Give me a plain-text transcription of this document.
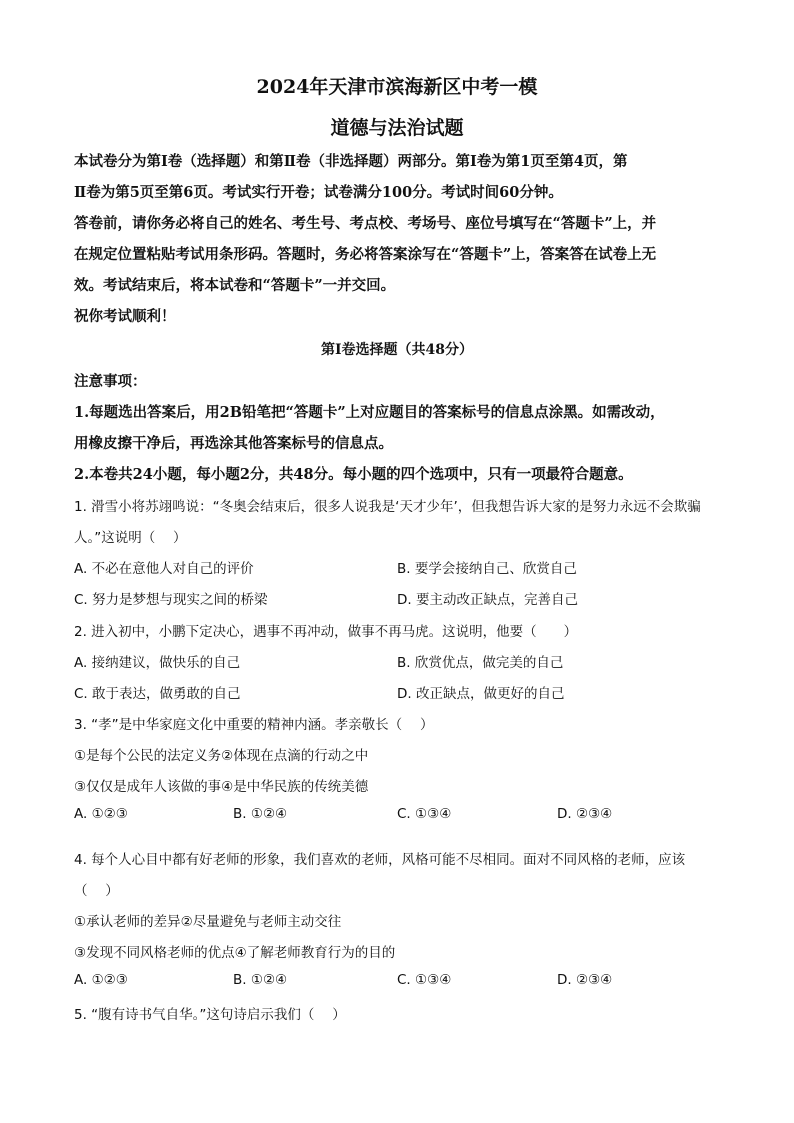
2024年天津市滨海新区中考一模
道德与法治试题
本试卷分为第Ⅰ卷（选择题）和第Ⅱ卷（非选择题）两部分。第Ⅰ卷为第1页至第4页，第
Ⅱ卷为第5页至第6页。考试实行开卷；试卷满分100分。考试时间60分钟。
答卷前，请你务必将自己的姓名、考生号、考点校、考场号、座位号填写在“答题卡”上，并
在规定位置粘贴考试用条形码。答题时，务必将答案涂写在“答题卡”上，答案答在试卷上无
效。考试结束后，将本试卷和“答题卡”一并交回。
祝你考试顺利！
第Ⅰ卷选择题（共48分）
注意事项：
1.每题选出答案后，用2B铅笔把“答题卡”上对应题目的答案标号的信息点涂黑。如需改动，
用橡皮擦干净后，再选涂其他答案标号的信息点。
2.本卷共24小题，每小题2分，共48分。每小题的四个选项中，只有一项最符合题意。
1. 滑雪小将苏翊鸣说：“冬奥会结束后，很多人说我是‘天才少年’，但我想告诉大家的是努力永远不会欺骗
人。”这说明（　 ）
A. 不必在意他人对自己的评价	B. 要学会接纳自己、欣赏自己
C. 努力是梦想与现实之间的桥梁	D. 要主动改正缺点，完善自己
2. 进入初中，小鹏下定决心，遇事不再冲动，做事不再马虎。这说明，他要（　　）
A. 接纳建议，做快乐的自己	B. 欣赏优点，做完美的自己
C. 敢于表达，做勇敢的自己	D. 改正缺点，做更好的自己
3. “孝”是中华家庭文化中重要的精神内涵。孝亲敬长（　 ）
①是每个公民的法定义务②体现在点滴的行动之中
③仅仅是成年人该做的事④是中华民族的传统美德
A. ①②③	B. ①②④	C. ①③④	D. ②③④
4. 每个人心目中都有好老师的形象，我们喜欢的老师，风格可能不尽相同。面对不同风格的老师，应该
（　 ）
①承认老师的差异②尽量避免与老师主动交往
③发现不同风格老师的优点④了解老师教育行为的目的
A. ①②③	B. ①②④	C. ①③④	D. ②③④
5. “腹有诗书气自华。”这句诗启示我们（　 ）
